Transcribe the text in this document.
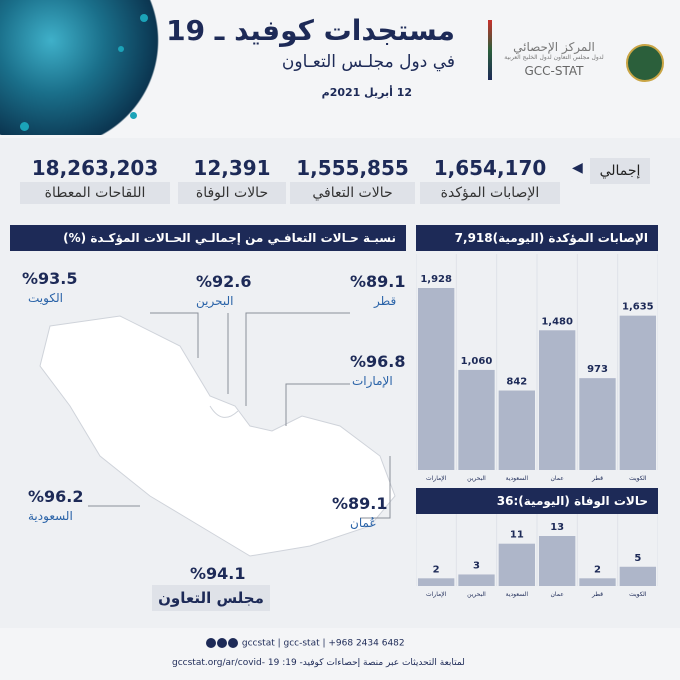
مستجدات كوفيد ـ 19
في دول مجلـس التعـاون
12 أبريل 2021م
المركز الإحصائي
لدول مجلس التعاون لدول الخليج العربية
GCC-STAT
◀	إجمالي
1,654,170
الإصابات المؤكدة
1,555,855
حالات التعافي
12,391
حالات الوفاة
18,263,203
اللقاحات المعطاة
نسبـة حـالات التعافـي من إجمالـي الحـالات المؤكـدة (%)
%93.5
الكويت
%92.6
البحرين
%89.1
قطر
%96.8
الإمارات
%96.2
السعودية
%89.1
عُمان
%94.1
مجلس التعاون
الإصابات المؤكدة (اليومية)7,918
1,928
الإمارات
1,060
البحرين
842
السعودية
1,480
عمان
973
قطر
1,635
الكويت
حالات الوفاة (اليومية):36
2
الإمارات
3
البحرين
11
السعودية
13
عمان
2
قطر
5
الكويت
gccstat | gcc-stat | +968 2434 6482
لمتابعة التحديثات عبر منصة إحصاءات كوفيد- 19: gccstat.org/ar/covid- 19
